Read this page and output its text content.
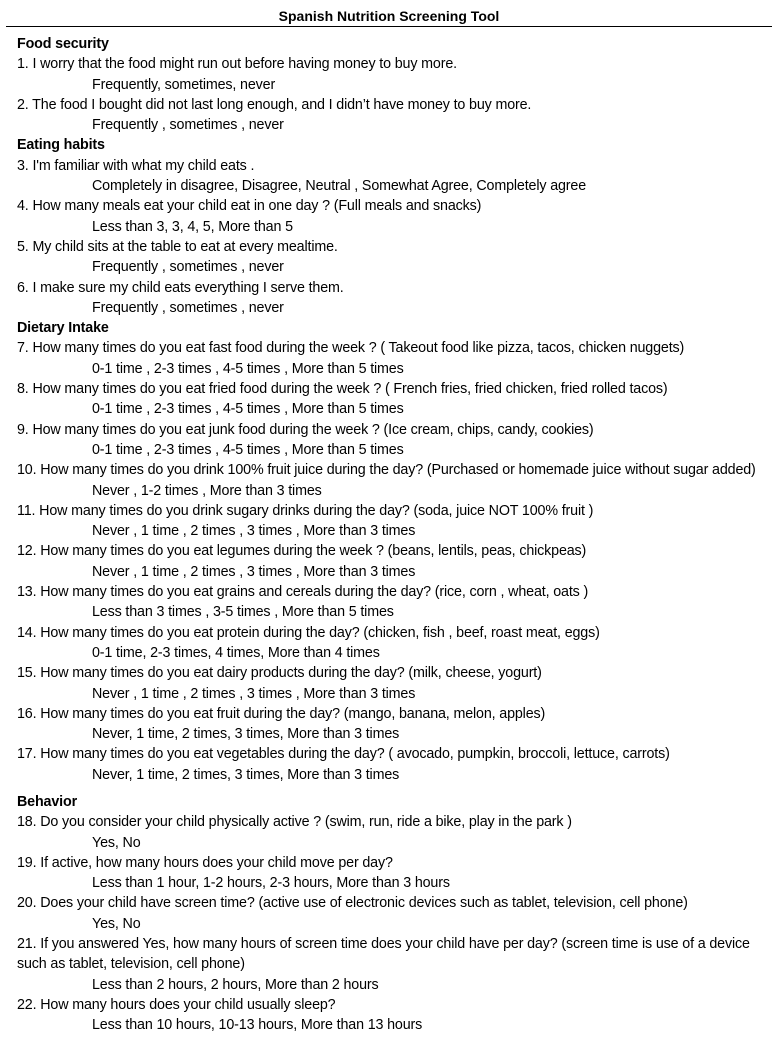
Spanish Nutrition Screening Tool
Food security
1. I worry that the food might run out before having money to buy more.
Frequently, sometimes, never
2. The food I bought did not last long enough, and I didn’t have money to buy more.
Frequently , sometimes , never
Eating habits
3. I'm familiar with what my child eats .
Completely in disagree, Disagree, Neutral , Somewhat Agree, Completely agree
4. How many meals eat your child eat in one day ? (Full meals and snacks)
Less than 3, 3, 4, 5, More than 5
5. My child sits at the table to eat at every mealtime.
Frequently , sometimes , never
6. I make sure my child eats everything I serve them.
Frequently , sometimes , never
Dietary Intake
7. How many times do you eat fast food during the week ? ( Takeout food like pizza, tacos, chicken nuggets)
0-1 time , 2-3 times , 4-5 times , More than 5 times
8. How many times do you eat fried food during the week ? ( French fries, fried chicken, fried rolled tacos)
0-1 time , 2-3 times , 4-5 times , More than 5 times
9. How many times do you eat junk food during the week ? (Ice cream, chips, candy, cookies)
0-1 time , 2-3 times , 4-5 times , More than 5 times
10. How many times do you drink 100% fruit juice during the day? (Purchased or homemade juice without sugar added)
Never , 1-2 times , More than 3 times
11. How many times do you drink sugary drinks during the day? (soda, juice NOT 100% fruit )
Never , 1 time , 2 times , 3 times , More than 3 times
12. How many times do you eat legumes during the week ? (beans, lentils, peas, chickpeas)
Never , 1 time , 2 times , 3 times , More than 3 times
13. How many times do you eat grains and cereals during the day? (rice, corn , wheat, oats )
Less than 3 times , 3-5 times , More than 5 times
14. How many times do you eat protein during the day? (chicken, fish , beef, roast meat, eggs)
0-1 time, 2-3 times, 4 times, More than 4 times
15. How many times do you eat dairy products during the day? (milk, cheese, yogurt)
Never , 1 time , 2 times , 3 times , More than 3 times
16. How many times do you eat fruit during the day? (mango, banana, melon, apples)
Never, 1 time, 2 times, 3 times, More than 3 times
17. How many times do you eat vegetables during the day? ( avocado, pumpkin, broccoli, lettuce, carrots)
Never, 1 time, 2 times, 3 times, More than 3 times
Behavior
18. Do you consider your child physically active ? (swim, run, ride a bike, play in the park )
Yes, No
19. If active, how many hours does your child move per day?
Less than 1 hour, 1-2 hours, 2-3 hours, More than 3 hours
20. Does your child have screen time? (active use of electronic devices such as tablet, television, cell phone)
Yes, No
21. If you answered Yes, how many hours of screen time does your child have per day? (screen time is use of a device such as tablet, television, cell phone)
Less than 2 hours, 2 hours, More than 2 hours
22. How many hours does your child usually sleep?
Less than 10 hours, 10-13 hours, More than 13 hours
